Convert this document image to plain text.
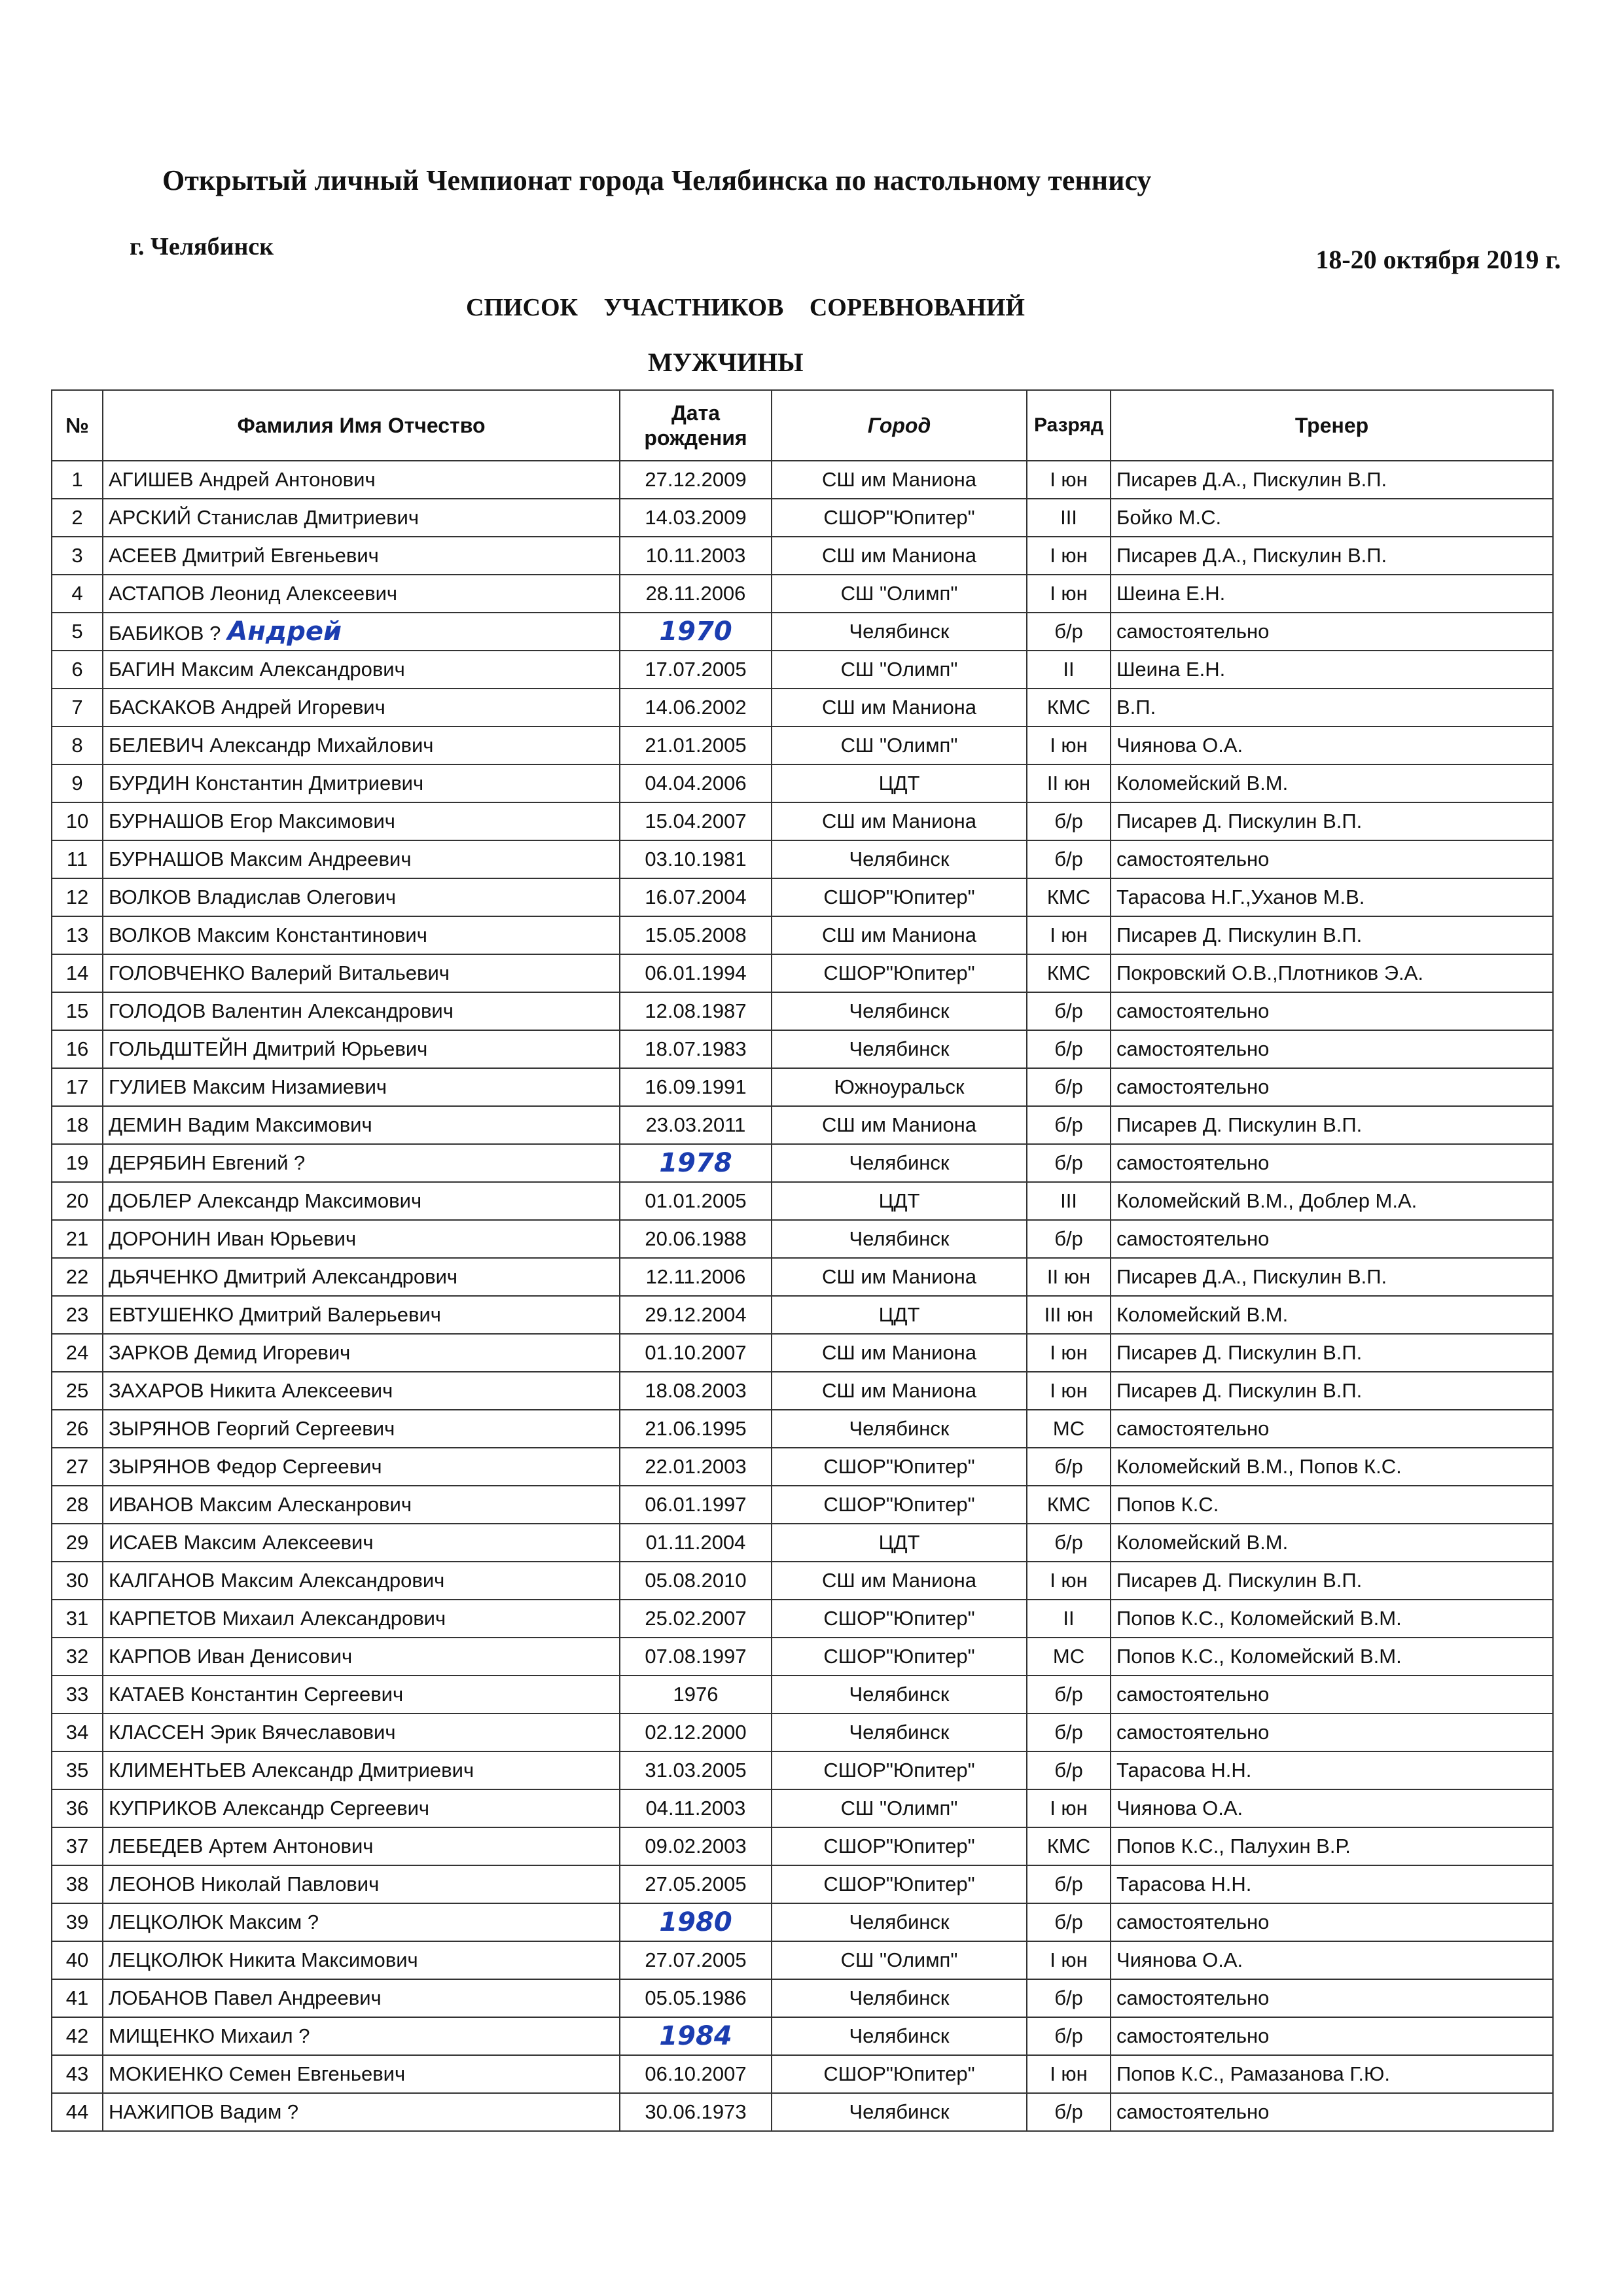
Открытый личный Чемпионат города Челябинска по настольному теннису
г. Челябинск	18-20 октября 2019 г.
СПИСОК УЧАСТНИКОВ СОРЕВНОВАНИЙ
МУЖЧИНЫ
№	Фамилия Имя Отчество	Дата рождения	Город	Разряд	Тренер
1	АГИШЕВ Андрей Антонович	27.12.2009	СШ им Маниона	I юн	Писарев Д.А., Пискулин В.П.
2	АРСКИЙ Станислав Дмитриевич	14.03.2009	СШОР"Юпитер"	III	Бойко М.С.
3	АСЕЕВ Дмитрий Евгеньевич	10.11.2003	СШ им Маниона	I юн	Писарев Д.А., Пискулин В.П.
4	АСТАПОВ Леонид Алексеевич	28.11.2006	СШ "Олимп"	I юн	Шеина Е.Н.
5	БАБИКОВ ? Андрей	1970	Челябинск	б/р	самостоятельно
6	БАГИН Максим Александрович	17.07.2005	СШ "Олимп"	II	Шеина Е.Н.
7	БАСКАКОВ Андрей Игоревич	14.06.2002	СШ им Маниона	КМС	В.П.
8	БЕЛЕВИЧ Александр Михайлович	21.01.2005	СШ "Олимп"	I юн	Чиянова О.А.
9	БУРДИН Константин Дмитриевич	04.04.2006	ЦДТ	II юн	Коломейский В.М.
10	БУРНАШОВ Егор Максимович	15.04.2007	СШ им Маниона	б/р	Писарев Д. Пискулин В.П.
11	БУРНАШОВ Максим Андреевич	03.10.1981	Челябинск	б/р	самостоятельно
12	ВОЛКОВ Владислав Олегович	16.07.2004	СШОР"Юпитер"	КМС	Тарасова Н.Г.,Уханов М.В.
13	ВОЛКОВ Максим Константинович	15.05.2008	СШ им Маниона	I юн	Писарев Д. Пискулин В.П.
14	ГОЛОВЧЕНКО Валерий Витальевич	06.01.1994	СШОР"Юпитер"	КМС	Покровский О.В.,Плотников Э.А.
15	ГОЛОДОВ Валентин Александрович	12.08.1987	Челябинск	б/р	самостоятельно
16	ГОЛЬДШТЕЙН Дмитрий Юрьевич	18.07.1983	Челябинск	б/р	самостоятельно
17	ГУЛИЕВ Максим Низамиевич	16.09.1991	Южноуральск	б/р	самостоятельно
18	ДЕМИН Вадим Максимович	23.03.2011	СШ им Маниона	б/р	Писарев Д. Пискулин В.П.
19	ДЕРЯБИН Евгений ?	1978	Челябинск	б/р	самостоятельно
20	ДОБЛЕР Александр Максимович	01.01.2005	ЦДТ	III	Коломейский В.М., Доблер М.А.
21	ДОРОНИН Иван Юрьевич	20.06.1988	Челябинск	б/р	самостоятельно
22	ДЬЯЧЕНКО Дмитрий Александрович	12.11.2006	СШ им Маниона	II юн	Писарев Д.А., Пискулин В.П.
23	ЕВТУШЕНКО Дмитрий Валерьевич	29.12.2004	ЦДТ	III юн	Коломейский В.М.
24	ЗАРКОВ Демид Игоревич	01.10.2007	СШ им Маниона	I юн	Писарев Д. Пискулин В.П.
25	ЗАХАРОВ Никита Алексеевич	18.08.2003	СШ им Маниона	I юн	Писарев Д. Пискулин В.П.
26	ЗЫРЯНОВ Георгий Сергеевич	21.06.1995	Челябинск	МС	самостоятельно
27	ЗЫРЯНОВ Федор Сергеевич	22.01.2003	СШОР"Юпитер"	б/р	Коломейский В.М., Попов К.С.
28	ИВАНОВ Максим Алесканрович	06.01.1997	СШОР"Юпитер"	КМС	Попов К.С.
29	ИСАЕВ Максим Алексеевич	01.11.2004	ЦДТ	б/р	Коломейский В.М.
30	КАЛГАНОВ Максим Александрович	05.08.2010	СШ им Маниона	I юн	Писарев Д. Пискулин В.П.
31	КАРПЕТОВ Михаил Александрович	25.02.2007	СШОР"Юпитер"	II	Попов К.С., Коломейский В.М.
32	КАРПОВ Иван Денисович	07.08.1997	СШОР"Юпитер"	МС	Попов К.С., Коломейский В.М.
33	КАТАЕВ Константин Сергеевич	1976	Челябинск	б/р	самостоятельно
34	КЛАССЕН Эрик Вячеславович	02.12.2000	Челябинск	б/р	самостоятельно
35	КЛИМЕНТЬЕВ Александр Дмитриевич	31.03.2005	СШОР"Юпитер"	б/р	Тарасова Н.Н.
36	КУПРИКОВ Александр Сергеевич	04.11.2003	СШ "Олимп"	I юн	Чиянова О.А.
37	ЛЕБЕДЕВ Артем Антонович	09.02.2003	СШОР"Юпитер"	КМС	Попов К.С., Палухин В.Р.
38	ЛЕОНОВ Николай Павлович	27.05.2005	СШОР"Юпитер"	б/р	Тарасова Н.Н.
39	ЛЕЦКОЛЮК Максим ?	1980	Челябинск	б/р	самостоятельно
40	ЛЕЦКОЛЮК Никита Максимович	27.07.2005	СШ "Олимп"	I юн	Чиянова О.А.
41	ЛОБАНОВ Павел Андреевич	05.05.1986	Челябинск	б/р	самостоятельно
42	МИЩЕНКО Михаил ?	1984	Челябинск	б/р	самостоятельно
43	МОКИЕНКО Семен Евгеньевич	06.10.2007	СШОР"Юпитер"	I юн	Попов К.С., Рамазанова Г.Ю.
44	НАЖИПОВ Вадим ?	30.06.1973	Челябинск	б/р	самостоятельно
